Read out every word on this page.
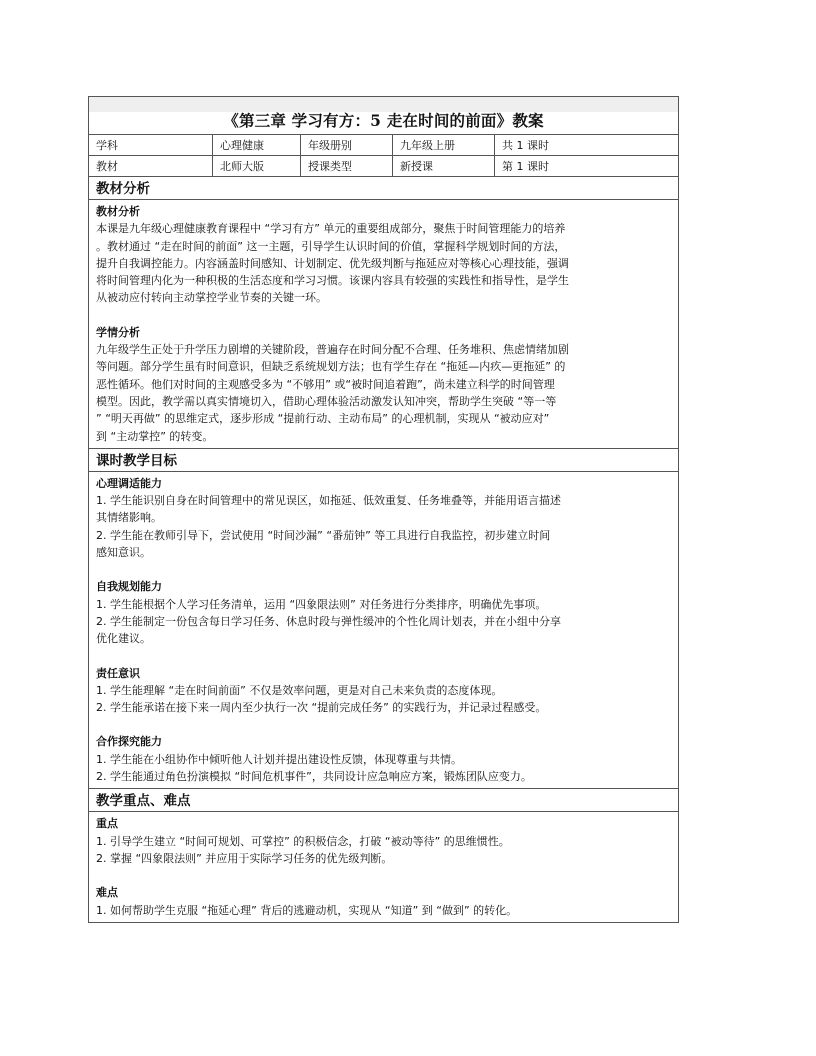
《第三章 学习有方：5 走在时间的前面》教案
学科	心理健康	年级册别	九年级上册	共 1 课时
教材	北师大版	授课类型	新授课	第 1 课时
教材分析
教材分析
本课是九年级心理健康教育课程中 “学习有方” 单元的重要组成部分，聚焦于时间管理能力的培养
。教材通过 “走在时间的前面” 这一主题，引导学生认识时间的价值，掌握科学规划时间的方法，
提升自我调控能力。内容涵盖时间感知、计划制定、优先级判断与拖延应对等核心心理技能，强调
将时间管理内化为一种积极的生活态度和学习习惯。该课内容具有较强的实践性和指导性，是学生
从被动应付转向主动掌控学业节奏的关键一环。
学情分析
九年级学生正处于升学压力剧增的关键阶段，普遍存在时间分配不合理、任务堆积、焦虑情绪加剧
等问题。部分学生虽有时间意识，但缺乏系统规划方法；也有学生存在 “拖延—内疚—更拖延” 的
恶性循环。他们对时间的主观感受多为 “不够用” 或“被时间追着跑”，尚未建立科学的时间管理
模型。因此，教学需以真实情境切入，借助心理体验活动激发认知冲突，帮助学生突破 “等一等
” “明天再做” 的思维定式，逐步形成 “提前行动、主动布局” 的心理机制，实现从 “被动应对”
到 “主动掌控” 的转变。
课时教学目标
心理调适能力
1. 学生能识别自身在时间管理中的常见误区，如拖延、低效重复、任务堆叠等，并能用语言描述
其情绪影响。
2. 学生能在教师引导下，尝试使用 “时间沙漏” “番茄钟” 等工具进行自我监控，初步建立时间
感知意识。
自我规划能力
1. 学生能根据个人学习任务清单，运用 “四象限法则” 对任务进行分类排序，明确优先事项。
2. 学生能制定一份包含每日学习任务、休息时段与弹性缓冲的个性化周计划表，并在小组中分享
优化建议。
责任意识
1. 学生能理解 “走在时间前面” 不仅是效率问题，更是对自己未来负责的态度体现。
2. 学生能承诺在接下来一周内至少执行一次 “提前完成任务” 的实践行为，并记录过程感受。
合作探究能力
1. 学生能在小组协作中倾听他人计划并提出建设性反馈，体现尊重与共情。
2. 学生能通过角色扮演模拟 “时间危机事件”，共同设计应急响应方案，锻炼团队应变力。
教学重点、难点
重点
1. 引导学生建立 “时间可规划、可掌控” 的积极信念，打破 “被动等待” 的思维惯性。
2. 掌握 “四象限法则” 并应用于实际学习任务的优先级判断。
难点
1. 如何帮助学生克服 “拖延心理” 背后的逃避动机，实现从 “知道” 到 “做到” 的转化。
